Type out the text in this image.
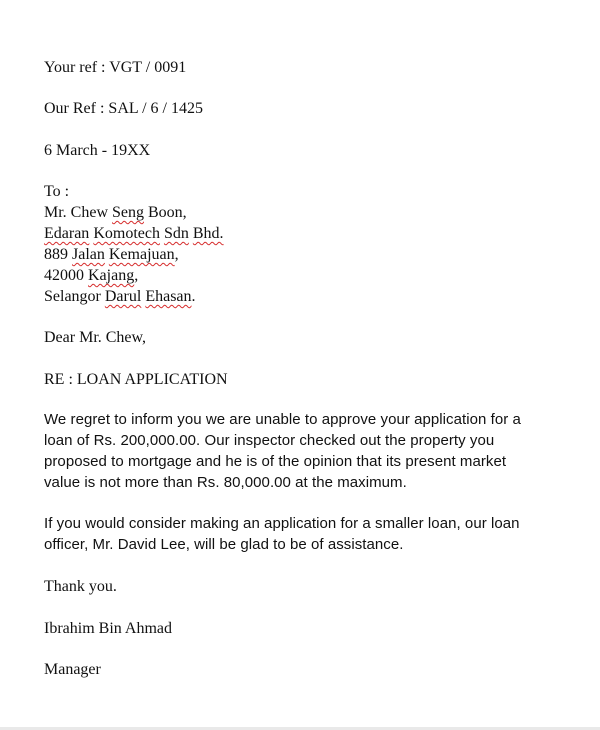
Your ref : VGT / 0091
Our Ref : SAL / 6 / 1425
6 March - 19XX
To :
Mr. Chew Seng Boon,
Edaran Komotech Sdn Bhd.
889 Jalan Kemajuan,
42000 Kajang,
Selangor Darul Ehasan.
Dear Mr. Chew,
RE : LOAN APPLICATION
We regret to inform you we are unable to approve your application for a
loan of Rs. 200,000.00. Our inspector checked out the property you
proposed to mortgage and he is of the opinion that its present market
value is not more than Rs. 80,000.00 at the maximum.
If you would consider making an application for a smaller loan, our loan
officer, Mr. David Lee, will be glad to be of assistance.
Thank you.
Ibrahim Bin Ahmad
Manager
